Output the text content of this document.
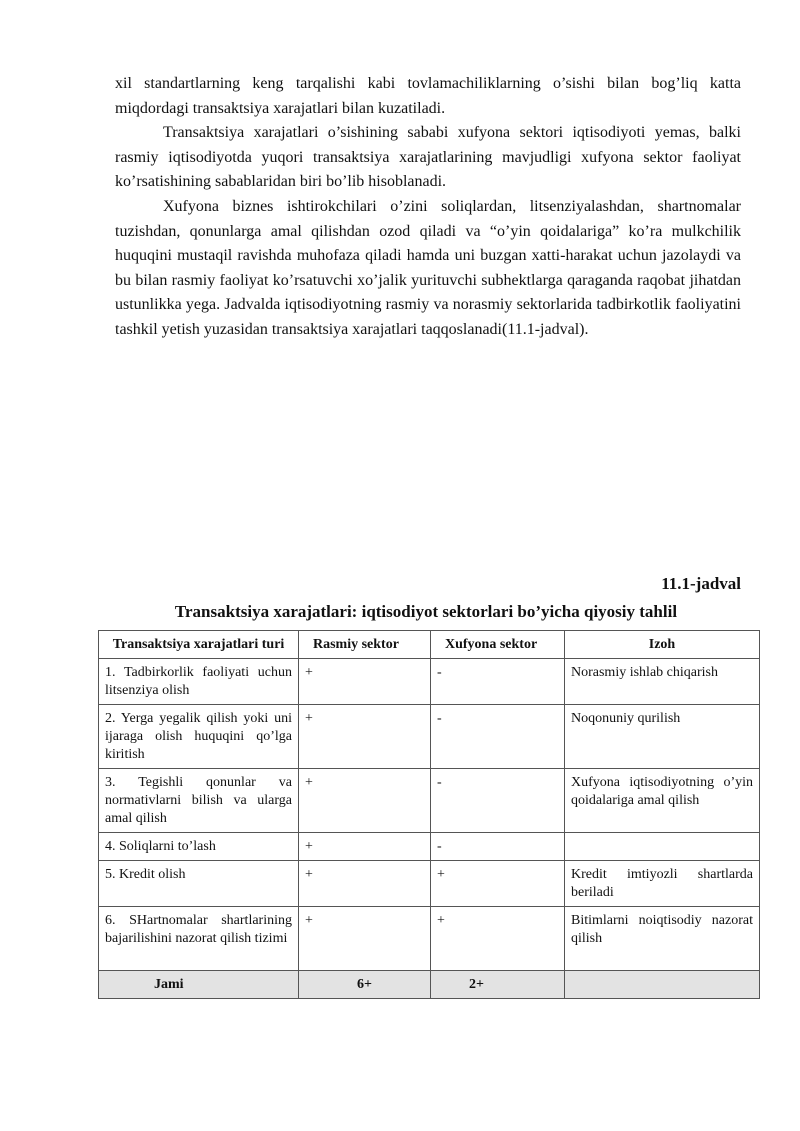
xil standartlarning keng tarqalishi kabi tovlamachiliklarning o’sishi bilan bog’liq katta miqdordagi transaktsiya xarajatlari bilan kuzatiladi.

Transaktsiya xarajatlari o’sishining sababi xufyona sektori iqtisodiyoti yemas, balki rasmiy iqtisodiyotda yuqori transaktsiya xarajatlarining mavjudligi xufyona sektor faoliyat ko’rsatishining sabablaridan biri bo’lib hisoblanadi.

Xufyona biznes ishtirokchilari o’zini soliqlardan, litsenziyalashdan, shartnomalar tuzishdan, qonunlarga amal qilishdan ozod qiladi va “o’yin qoidalariga” ko’ra mulkchilik huquqini mustaqil ravishda muhofaza qiladi hamda uni buzgan xatti-harakat uchun jazolaydi va bu bilan rasmiy faoliyat ko’rsatuvchi xo’jalik yurituvchi subhektlarga qaraganda raqobat jihatdan ustunlikka yega. Jadvalda iqtisodiyotning rasmiy va norasmiy sektorlarida tadbirkotlik faoliyatini tashkil yetish yuzasidan transaktsiya xarajatlari taqqoslanadi(11.1-jadval).

11.1-jadval
Transaktsiya xarajatlari: iqtisodiyot sektorlari bo’yicha qiyosiy tahlil
Transaktsiya xarajatlari turi	Rasmiy sektor	Xufyona sektor	Izoh
1. Tadbirkorlik faoliyati uchun litsenziya olish	+	-	Norasmiy ishlab chiqarish
2. Yerga yegalik qilish yoki uni ijaraga olish huquqini qo’lga kiritish	+	-	Noqonuniy qurilish
3. Tegishli qonunlar va normativlarni bilish va ularga amal qilish	+	-	Xufyona iqtisodiyotning o’yin qoidalariga amal qilish
4. Soliqlarni to’lash	+	-	
5. Kredit olish	+	+	Kredit imtiyozli shartlarda beriladi
6. SHartnomalar shartlarining bajarilishini nazorat qilish tizimi	+	+	Bitimlarni noiqtisodiy nazorat qilish
Jami	6+	2+	
